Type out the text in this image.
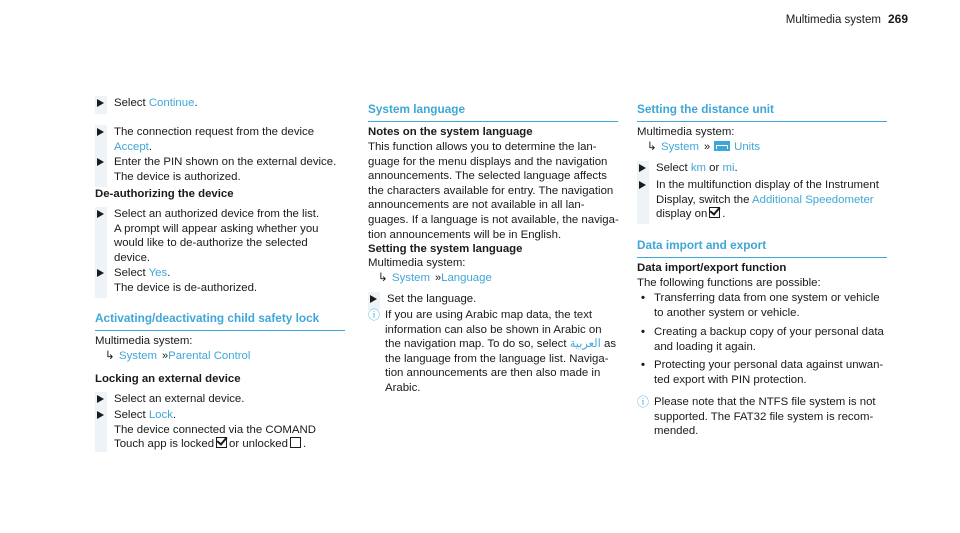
Multimedia system 269
Select Continue.
The connection request from the device
Accept.
Enter the PIN shown on the external device.
The device is authorized.
De-authorizing the device
Select an authorized device from the list.
A prompt will appear asking whether you
would like to de-authorize the selected
device.
Select Yes.
The device is de-authorized.
Activating/deactivating child safety lock
Multimedia system:
↳ System » Parental Control
Locking an external device
Select an external device.
Select Lock.
The device connected via the COMAND
Touch app is locked or unlocked .
System language
Notes on the system language
This function allows you to determine the lan-
guage for the menu displays and the navigation
announcements. The selected language affects
the characters available for entry. The navigation
announcements are not available in all lan-
guages. If a language is not available, the naviga-
tion announcements will be in English.
Setting the system language
Multimedia system:
↳ System » Language
Set the language.
ⓘ If you are using Arabic map data, the text
information can also be shown in Arabic on
the navigation map. To do so, select العربية as
the language from the language list. Naviga-
tion announcements are then also made in
Arabic.
Setting the distance unit
Multimedia system:
↳ System » Units
Select km or mi.
In the multifunction display of the Instrument
Display, switch the Additional Speedometer
display on .
Data import and export
Data import/export function
The following functions are possible:
• Transferring data from one system or vehicle
to another system or vehicle.
• Creating a backup copy of your personal data
and loading it again.
• Protecting your personal data against unwan-
ted export with PIN protection.
ⓘ Please note that the NTFS file system is not
supported. The FAT32 file system is recom-
mended.
